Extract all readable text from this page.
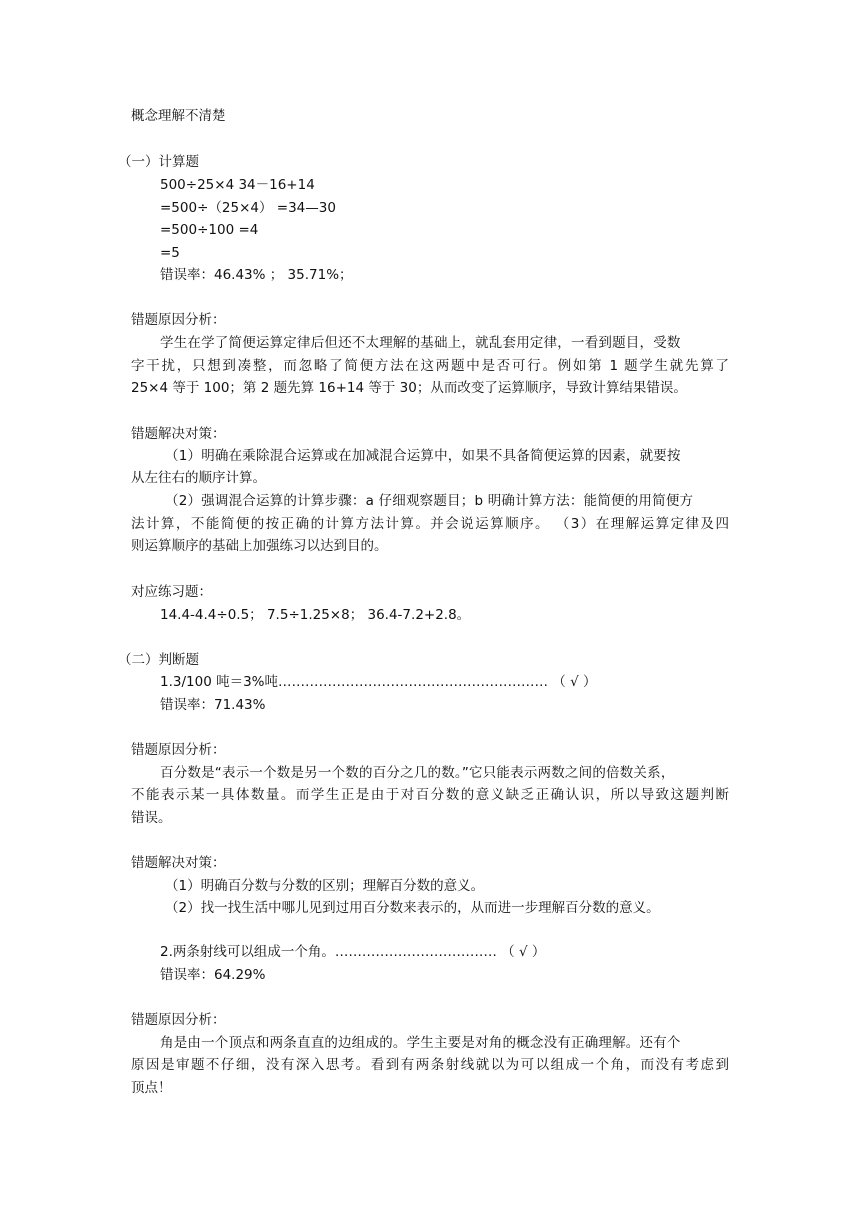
概念理解不清楚
（一）计算题
500÷25×4 34－16+14
=500÷（25×4） =34—30
=500÷100 =4
=5
错误率：46.43% ； 35.71%；
错题原因分析：
学生在学了简便运算定律后但还不太理解的基础上，就乱套用定律，一看到题目，受数
字干扰，只想到凑整，而忽略了简便方法在这两题中是否可行。例如第 1 题学生就先算了
25×4 等于 100；第 2 题先算 16+14 等于 30；从而改变了运算顺序，导致计算结果错误。
错题解决对策：
（1）明确在乘除混合运算或在加减混合运算中，如果不具备简便运算的因素，就要按
从左往右的顺序计算。
（2）强调混合运算的计算步骤：a 仔细观察题目；b 明确计算方法：能简便的用简便方
法计算，不能简便的按正确的计算方法计算。并会说运算顺序。 （3）在理解运算定律及四
则运算顺序的基础上加强练习以达到目的。
对应练习题：
14.4-4.4÷0.5； 7.5÷1.25×8； 36.4-7.2+2.8。
（二）判断题
1.3/100 吨＝3%吨…………………………………………………… （ √ ）
错误率：71.43%
错题原因分析：
百分数是“表示一个数是另一个数的百分之几的数。”它只能表示两数之间的倍数关系，
不能表示某一具体数量。而学生正是由于对百分数的意义缺乏正确认识，所以导致这题判断
错误。
错题解决对策：
（1）明确百分数与分数的区别；理解百分数的意义。
（2）找一找生活中哪儿见到过用百分数来表示的，从而进一步理解百分数的意义。
2.两条射线可以组成一个角。……………………………… （ √ ）
错误率：64.29%
错题原因分析：
角是由一个顶点和两条直直的边组成的。学生主要是对角的概念没有正确理解。还有个
原因是审题不仔细，没有深入思考。看到有两条射线就以为可以组成一个角，而没有考虑到
顶点！
